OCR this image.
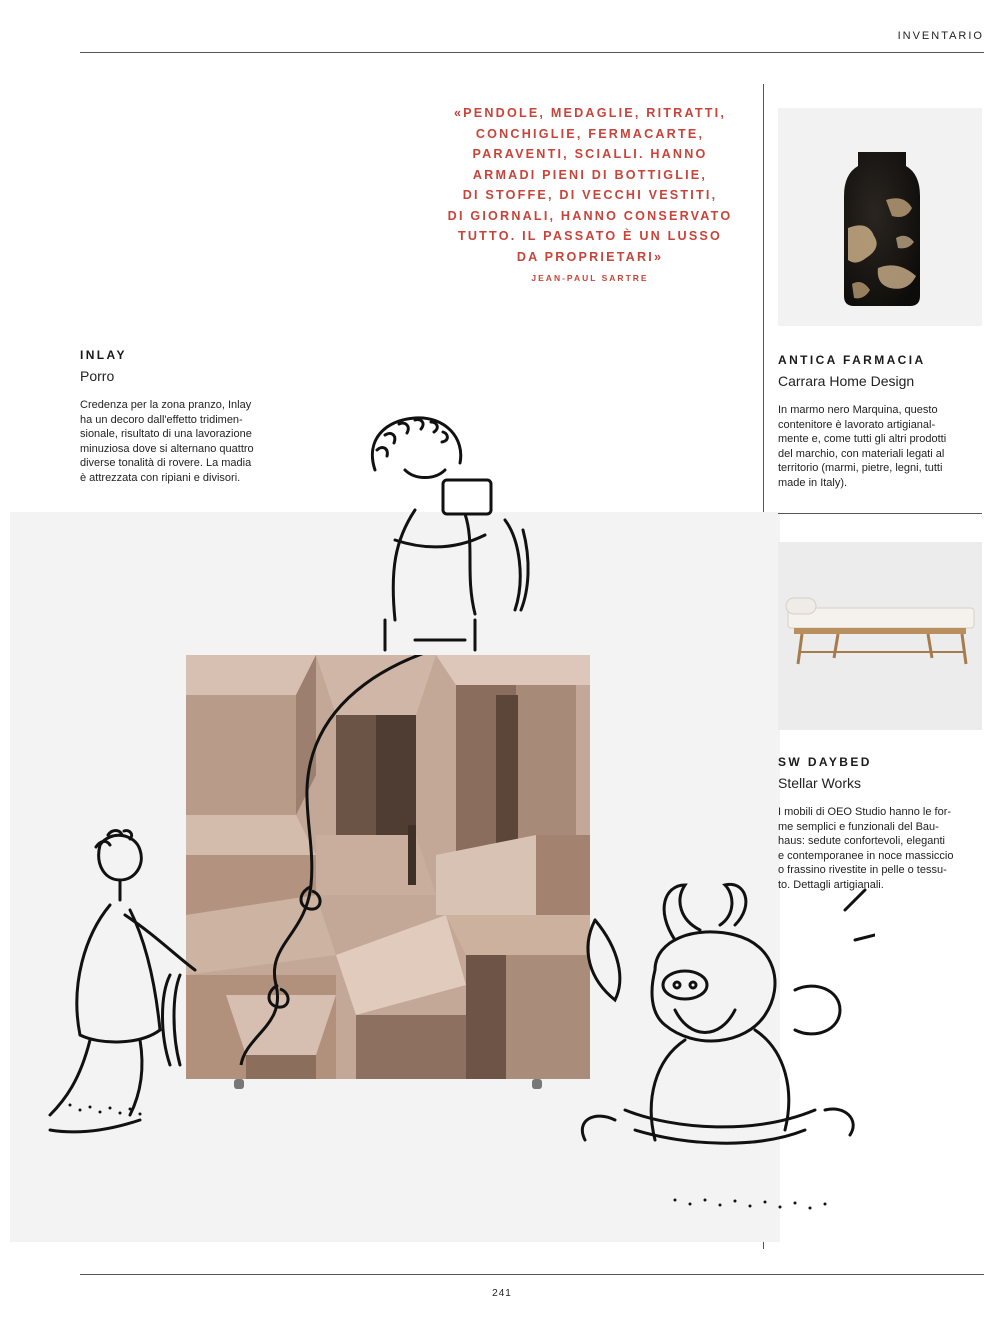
INVENTARIO
«PENDOLE, MEDAGLIE, RITRATTI,
CONCHIGLIE, FERMACARTE,
PARAVENTI, SCIALLI. HANNO
ARMADI PIENI DI BOTTIGLIE,
DI STOFFE, DI VECCHI VESTITI,
DI GIORNALI, HANNO CONSERVATO
TUTTO. IL PASSATO È UN LUSSO
DA PROPRIETARI»
JEAN-PAUL SARTRE
INLAY
Porro
Credenza per la zona pranzo, Inlay
ha un decoro dall'effetto tridimen-
sionale, risultato di una lavorazione
minuziosa dove si alternano quattro
diverse tonalità di rovere. La madia
è attrezzata con ripiani e divisori.
ANTICA FARMACIA
Carrara Home Design
In marmo nero Marquina, questo
contenitore è lavorato artigianal-
mente e, come tutti gli altri prodotti
del marchio, con materiali legati al
territorio (marmi, pietre, legni, tutti
made in Italy).
SW DAYBED
Stellar Works
I mobili di OEO Studio hanno le for-
me semplici e funzionali del Bau-
haus: sedute confortevoli, eleganti
e contemporanee in noce massiccio
o frassino rivestite in pelle o tessu-
to. Dettagli artigianali.
241
